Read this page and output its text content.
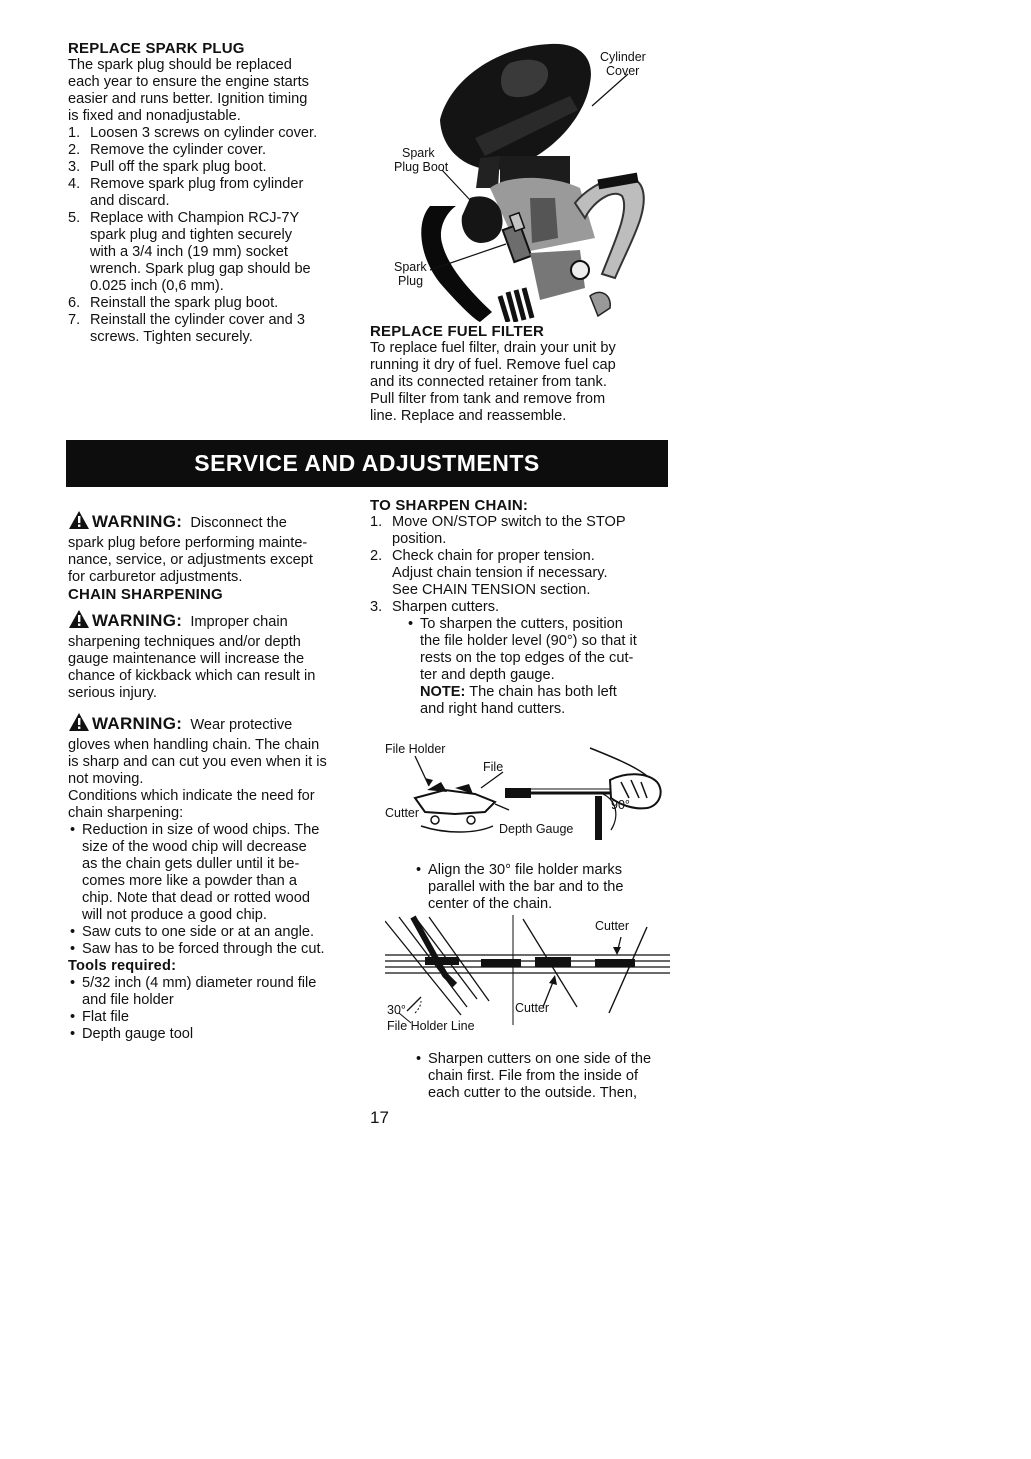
REPLACE SPARK PLUG

The spark plug should be replaced

each year to ensure the engine starts

easier and runs better. Ignition timing

is fixed and nonadjustable.

1. Loosen 3 screws on cylinder cover.
2. Remove the cylinder cover.
3. Pull off the spark plug boot.
4. Remove spark plug from cylinder
and discard.
5. Replace with Champion RCJ-7Y
spark plug and tighten securely
with a 3/4 inch (19 mm) socket
wrench. Spark plug gap should be
0.025 inch (0,6 mm).
6. Reinstall the spark plug boot.
7. Reinstall the cylinder cover and 3
screws. Tighten securely.
Cylinder
Cover
Spark
Plug Boot
Spark
Plug

REPLACE FUEL FILTER

To replace fuel filter, drain your unit by

running it dry of fuel. Remove fuel cap

and its connected retainer from tank.

Pull filter from tank and remove from

line. Replace and reassemble.

SERVICE AND ADJUSTMENTS
WARNING: Disconnect the

spark plug before performing mainte-

nance, service, or adjustments except

for carburetor adjustments.

CHAIN SHARPENING

WARNING: Improper chain

sharpening techniques and/or depth

gauge maintenance will increase the

chance of kickback which can result in

serious injury.

WARNING: Wear protective

gloves when handling chain. The chain

is sharp and can cut you even when it is

not moving.

Conditions which indicate the need for

chain sharpening:

• Reduction in size of wood chips. The
size of the wood chip will decrease
as the chain gets duller until it be-
comes more like a powder than a
chip. Note that dead or rotted wood
will not produce a good chip.
• Saw cuts to one side or at an angle.
• Saw has to be forced through the cut.

Tools required:

• 5/32 inch (4 mm) diameter round file
and file holder
• Flat file
• Depth gauge tool

TO SHARPEN CHAIN:

1. Move ON/STOP switch to the STOP
position.
2. Check chain for proper tension.
Adjust chain tension if necessary.
See CHAIN TENSION section.
3. Sharpen cutters.
• To sharpen the cutters, position
the file holder level (90°) so that it
rests on the top edges of the cut-
ter and depth gauge.
NOTE: The chain has both left
and right hand cutters.
File Holder
File
Cutter
Depth Gauge
90°
• Align the 30° file holder marks
parallel with the bar and to the
center of the chain.
Cutter
Cutter
30°
File Holder Line
• Sharpen cutters on one side of the
chain first. File from the inside of
each cutter to the outside. Then,
17
